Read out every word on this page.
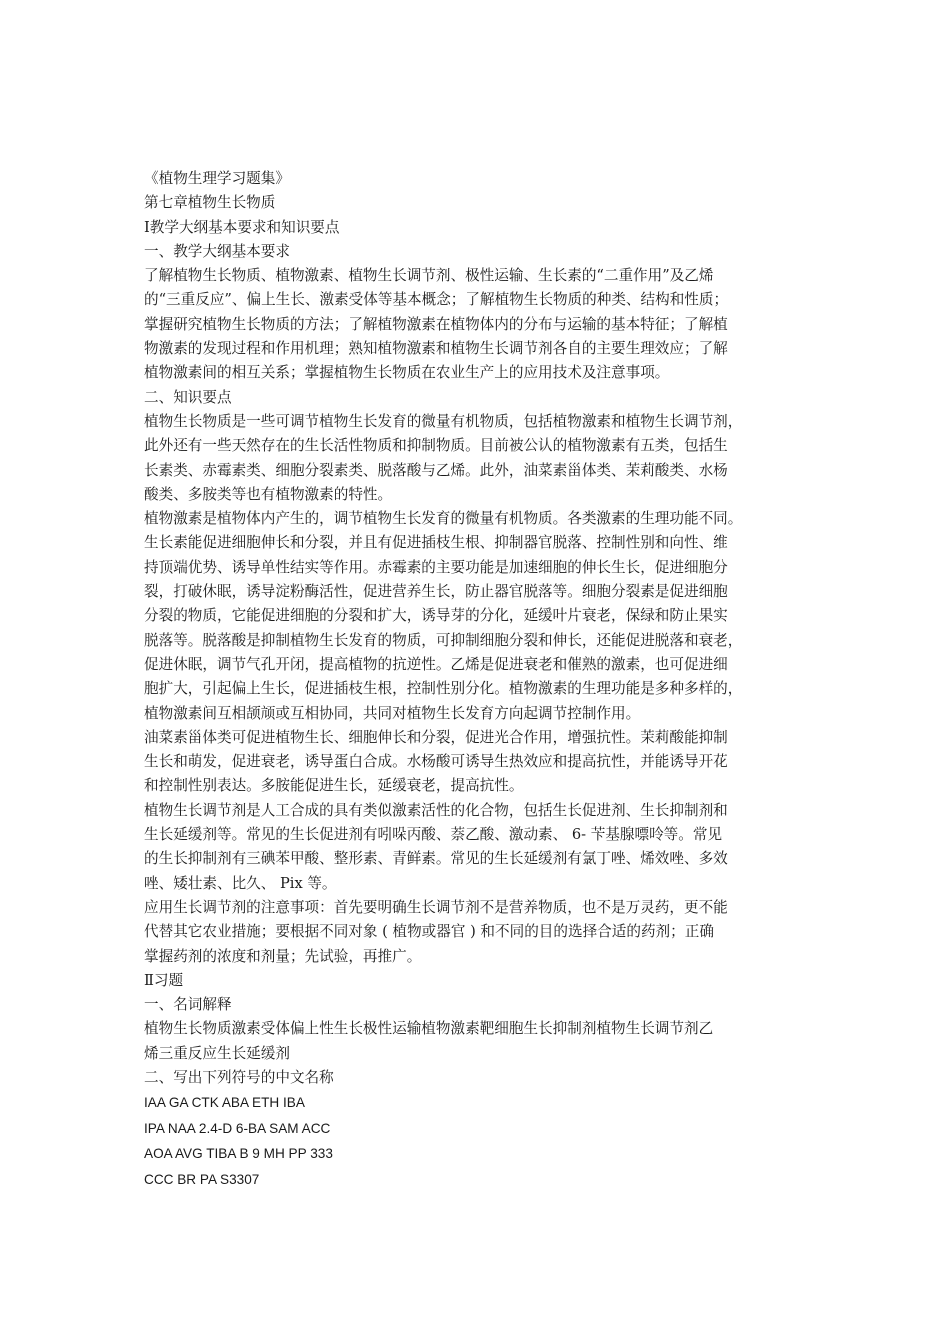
《植物生理学习题集》

第七章植物生长物质

Ⅰ教学大纲基本要求和知识要点

一、教学大纲基本要求

了解植物生长物质、植物激素、植物生长调节剂、极性运输、生长素的“二重作用”及乙烯

的“三重反应”、偏上生长、激素受体等基本概念；了解植物生长物质的种类、结构和性质；

掌握研究植物生长物质的方法；了解植物激素在植物体内的分布与运输的基本特征；了解植

物激素的发现过程和作用机理；熟知植物激素和植物生长调节剂各自的主要生理效应；了解

植物激素间的相互关系；掌握植物生长物质在农业生产上的应用技术及注意事项。

二、知识要点

植物生长物质是一些可调节植物生长发育的微量有机物质，包括植物激素和植物生长调节剂，

此外还有一些天然存在的生长活性物质和抑制物质。目前被公认的植物激素有五类，包括生

长素类、赤霉素类、细胞分裂素类、脱落酸与乙烯。此外，油菜素甾体类、茉莉酸类、水杨

酸类、多胺类等也有植物激素的特性。

植物激素是植物体内产生的，调节植物生长发育的微量有机物质。各类激素的生理功能不同。

生长素能促进细胞伸长和分裂，并且有促进插枝生根、抑制器官脱落、控制性别和向性、维

持顶端优势、诱导单性结实等作用。赤霉素的主要功能是加速细胞的伸长生长，促进细胞分

裂，打破休眠，诱导淀粉酶活性，促进营养生长，防止器官脱落等。细胞分裂素是促进细胞

分裂的物质，它能促进细胞的分裂和扩大，诱导芽的分化，延缓叶片衰老，保绿和防止果实

脱落等。脱落酸是抑制植物生长发育的物质，可抑制细胞分裂和伸长，还能促进脱落和衰老，

促进休眠，调节气孔开闭，提高植物的抗逆性。乙烯是促进衰老和催熟的激素，也可促进细

胞扩大，引起偏上生长，促进插枝生根，控制性别分化。植物激素的生理功能是多种多样的，

植物激素间互相颉颃或互相协同，共同对植物生长发育方向起调节控制作用。

油菜素甾体类可促进植物生长、细胞伸长和分裂，促进光合作用，增强抗性。茉莉酸能抑制

生长和萌发，促进衰老，诱导蛋白合成。水杨酸可诱导生热效应和提高抗性，并能诱导开花

和控制性别表达。多胺能促进生长，延缓衰老，提高抗性。

植物生长调节剂是人工合成的具有类似激素活性的化合物，包括生长促进剂、生长抑制剂和

生长延缓剂等。常见的生长促进剂有吲哚丙酸、萘乙酸、激动素、 6- 苄基腺嘌呤等。常见

的生长抑制剂有三碘苯甲酸、整形素、青鲜素。常见的生长延缓剂有氯丁唑、烯效唑、多效

唑、矮壮素、比久、 Pix 等。

应用生长调节剂的注意事项：首先要明确生长调节剂不是营养物质，也不是万灵药，更不能

代替其它农业措施；要根据不同对象 ( 植物或器官 ) 和不同的目的选择合适的药剂；正确

掌握药剂的浓度和剂量；先试验，再推广。

Ⅱ习题

一、名词解释

植物生长物质激素受体偏上性生长极性运输植物激素靶细胞生长抑制剂植物生长调节剂乙

烯三重反应生长延缓剂

二、写出下列符号的中文名称

IAA GA CTK ABA ETH IBA

IPA NAA 2.4-D 6-BA SAM ACC

AOA AVG TIBA B 9 MH PP 333

CCC BR PA S3307
